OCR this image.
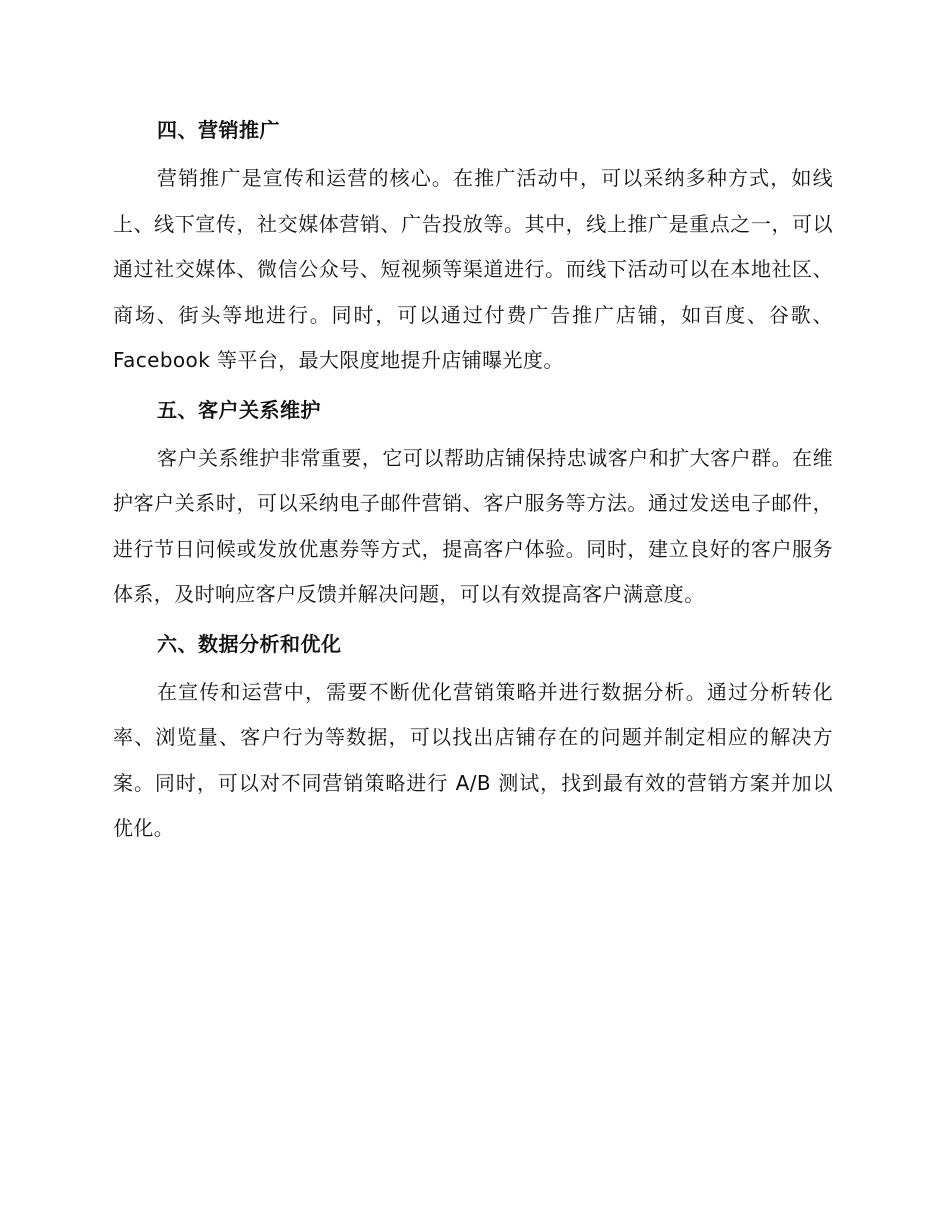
四、营销推广

营销推广是宣传和运营的核心。在推广活动中，可以采纳多种方式，如线上、线下宣传，社交媒体营销、广告投放等。其中，线上推广是重点之一，可以通过社交媒体、微信公众号、短视频等渠道进行。而线下活动可以在本地社区、商场、街头等地进行。同时，可以通过付费广告推广店铺，如百度、谷歌、Facebook 等平台，最大限度地提升店铺曝光度。

五、客户关系维护

客户关系维护非常重要，它可以帮助店铺保持忠诚客户和扩大客户群。在维护客户关系时，可以采纳电子邮件营销、客户服务等方法。通过发送电子邮件，进行节日问候或发放优惠券等方式，提高客户体验。同时，建立良好的客户服务体系，及时响应客户反馈并解决问题，可以有效提高客户满意度。

六、数据分析和优化

在宣传和运营中，需要不断优化营销策略并进行数据分析。通过分析转化率、浏览量、客户行为等数据，可以找出店铺存在的问题并制定相应的解决方案。同时，可以对不同营销策略进行 A/B 测试，找到最有效的营销方案并加以优化。
